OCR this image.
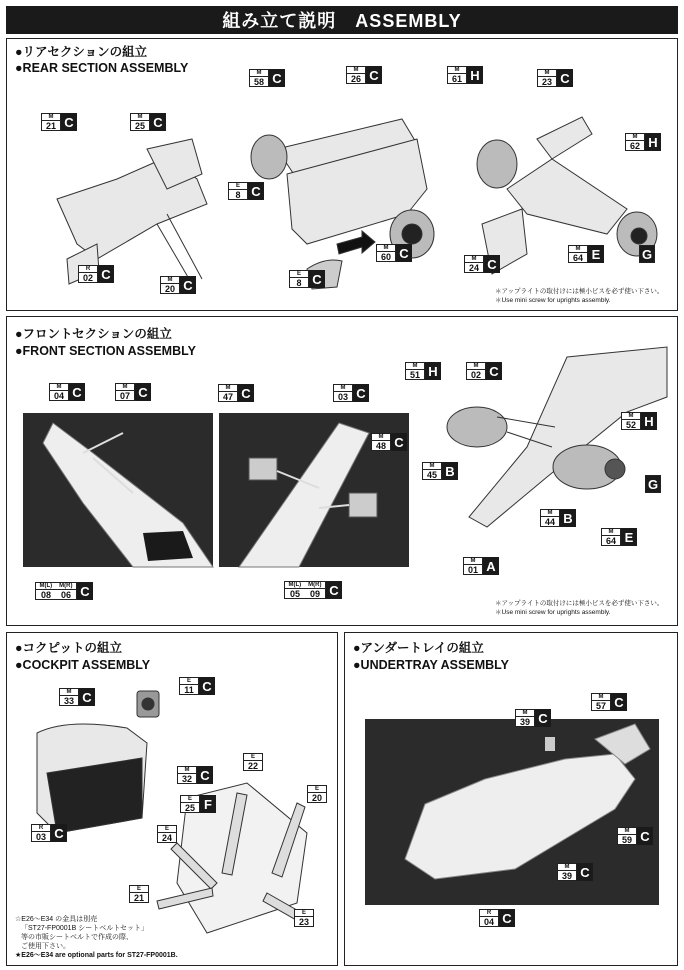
組み立て説明　ASSEMBLY
●リアセクションの組立
●REAR SECTION ASSEMBLY
M
21 C	M
25 C
R
02 C	M
20 C
M
58 C
M
26 C
E
8 C
E
8 C
M
60 C
M
61 H	M
23 C
M
62 H
M
24 C
M
64 E	G
＊アップライトの取付けには極小ビスを必ず使い下さい。
＊Use mini screw for uprights assembly.
●フロントセクションの組立
●FRONT SECTION ASSEMBLY
M
04 C	M
07 C	M
47 C	M
03 C
M
48 C
M
51 H	M
02 C
M
52 H
M
45 B
M
44 B
M
64 E
M
01 A
G
M(L) M(R)
08 06 C	M(L) M(R)
05 09 C
＊アップライトの取付けには極小ビスを必ず使い下さい。
＊Use mini screw for uprights assembly.
●コクピットの組立
●COCKPIT ASSEMBLY
M
33 C
E
11 C
M
32 C
E
25 F
R
03 C
E
22
E
20
E
24
E
21
E
23
☆E26〜E34 の金具は別売
「ST27-FP0001B シートベルトセット」
等の市販シートベルトで作成の際、
ご使用下さい。
★E26〜E34 are optional parts for ST27-FP0001B.
●アンダートレイの組立
●UNDERTRAY ASSEMBLY
M
57 C
M
39 C
M
59 C
M
39 C
R
04 C
